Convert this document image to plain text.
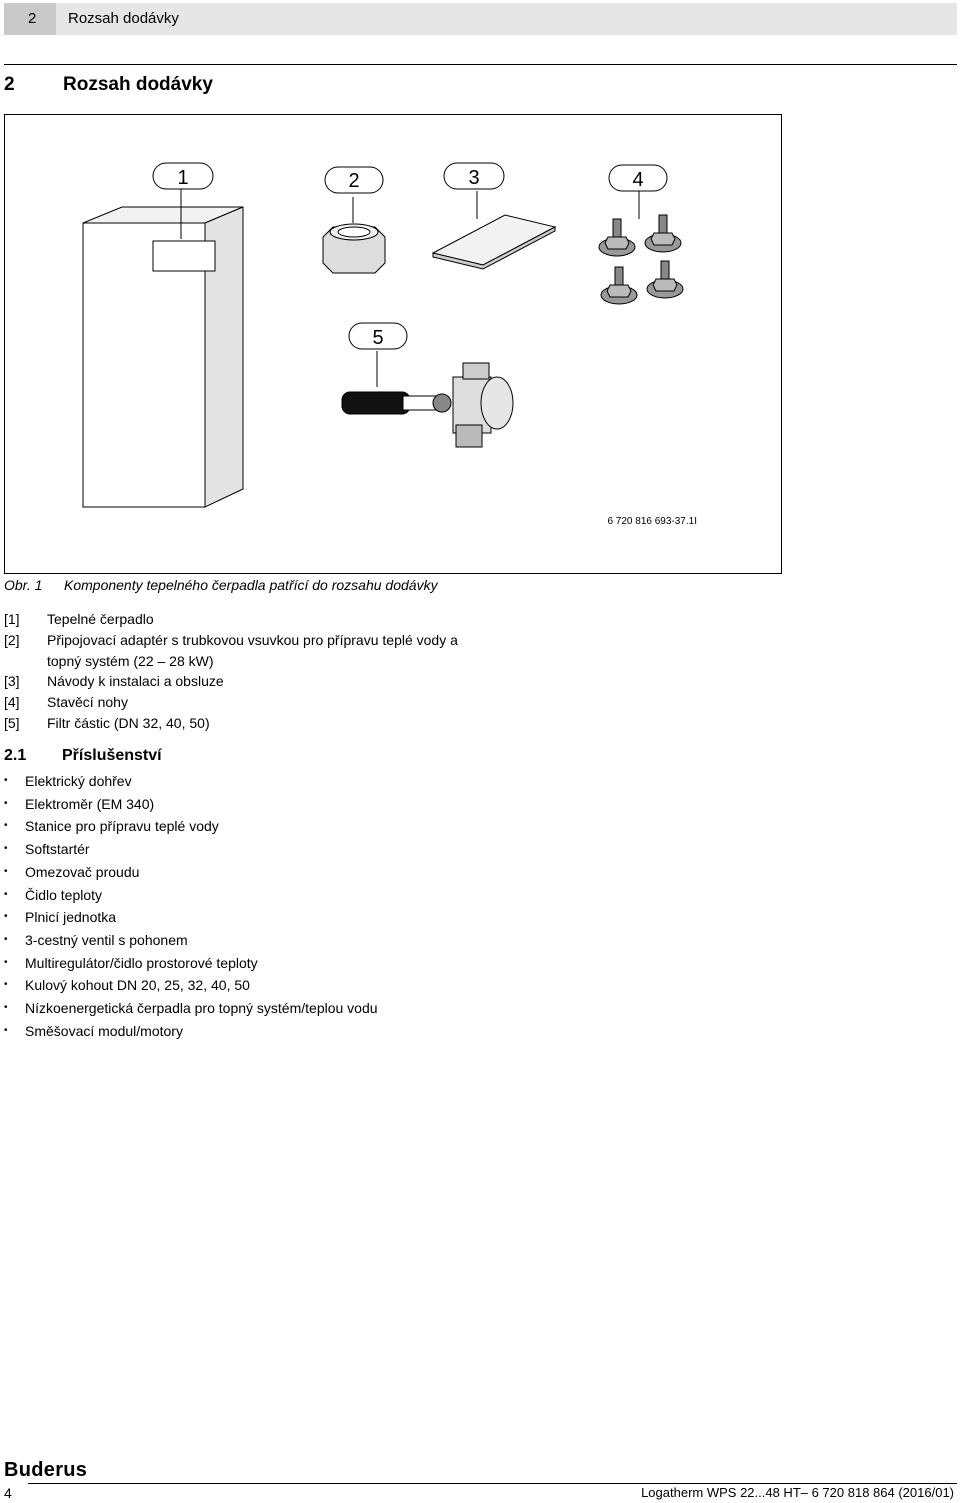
2	Rozsah dodávky
2	Rozsah dodávky
1	2	3	4
5
6 720 816 693-37.1I
Obr. 1 Komponenty tepelného čerpadla patřící do rozsahu dodávky
[1] Tepelné čerpadlo
[2] Připojovací adaptér s trubkovou vsuvkou pro přípravu teplé vody a topný systém (22 – 28 kW)
[3] Návody k instalaci a obsluze
[4] Stavěcí nohy
[5] Filtr částic (DN 32, 40, 50)
2.1 Příslušenství
• Elektrický dohřev
• Elektroměr (EM 340)
• Stanice pro přípravu teplé vody
• Softstartér
• Omezovač proudu
• Čidlo teploty
• Plnicí jednotka
• 3-cestný ventil s pohonem
• Multiregulátor/čidlo prostorové teploty
• Kulový kohout DN 20, 25, 32, 40, 50
• Nízkoenergetická čerpadla pro topný systém/teplou vodu
• Směšovací modul/motory
Buderus
4	Logatherm WPS 22...48 HT– 6 720 818 864 (2016/01)
